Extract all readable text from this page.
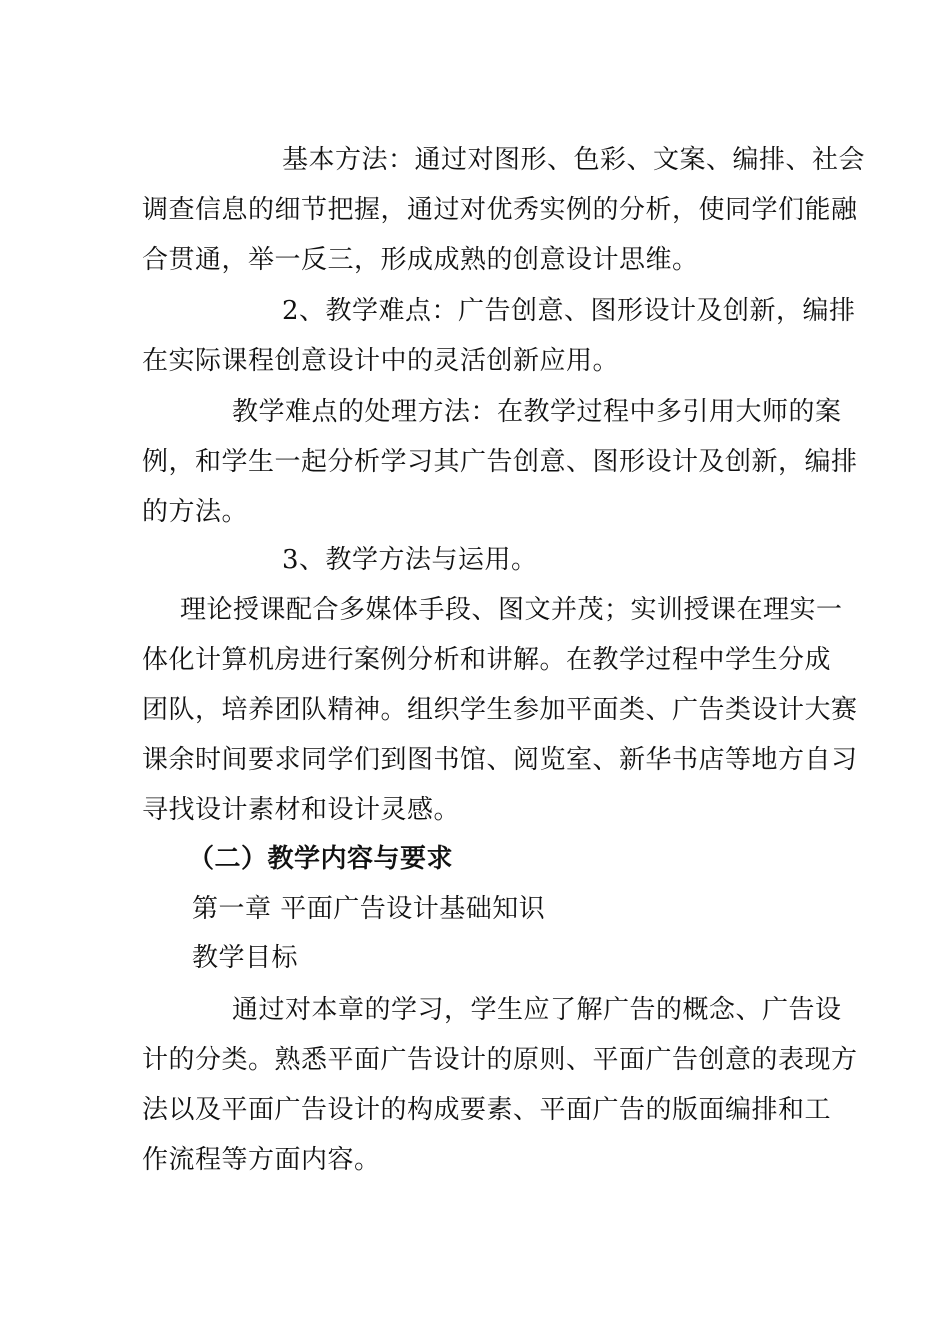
基本方法：通过对图形、色彩、文案、编排、社会
调查信息的细节把握，通过对优秀实例的分析，使同学们能融
合贯通，举一反三，形成成熟的创意设计思维。
2、教学难点：广告创意、图形设计及创新，编排
在实际课程创意设计中的灵活创新应用。
教学难点的处理方法：在教学过程中多引用大师的案
例，和学生一起分析学习其广告创意、图形设计及创新，编排
的方法。
3、教学方法与运用。
理论授课配合多媒体手段、图文并茂；实训授课在理实一
体化计算机房进行案例分析和讲解。在教学过程中学生分成
团队，培养团队精神。组织学生参加平面类、广告类设计大赛
课余时间要求同学们到图书馆、阅览室、新华书店等地方自习
寻找设计素材和设计灵感。
（二）教学内容与要求
第一章 平面广告设计基础知识
教学目标
通过对本章的学习，学生应了解广告的概念、广告设
计的分类。熟悉平面广告设计的原则、平面广告创意的表现方
法以及平面广告设计的构成要素、平面广告的版面编排和工
作流程等方面内容。
